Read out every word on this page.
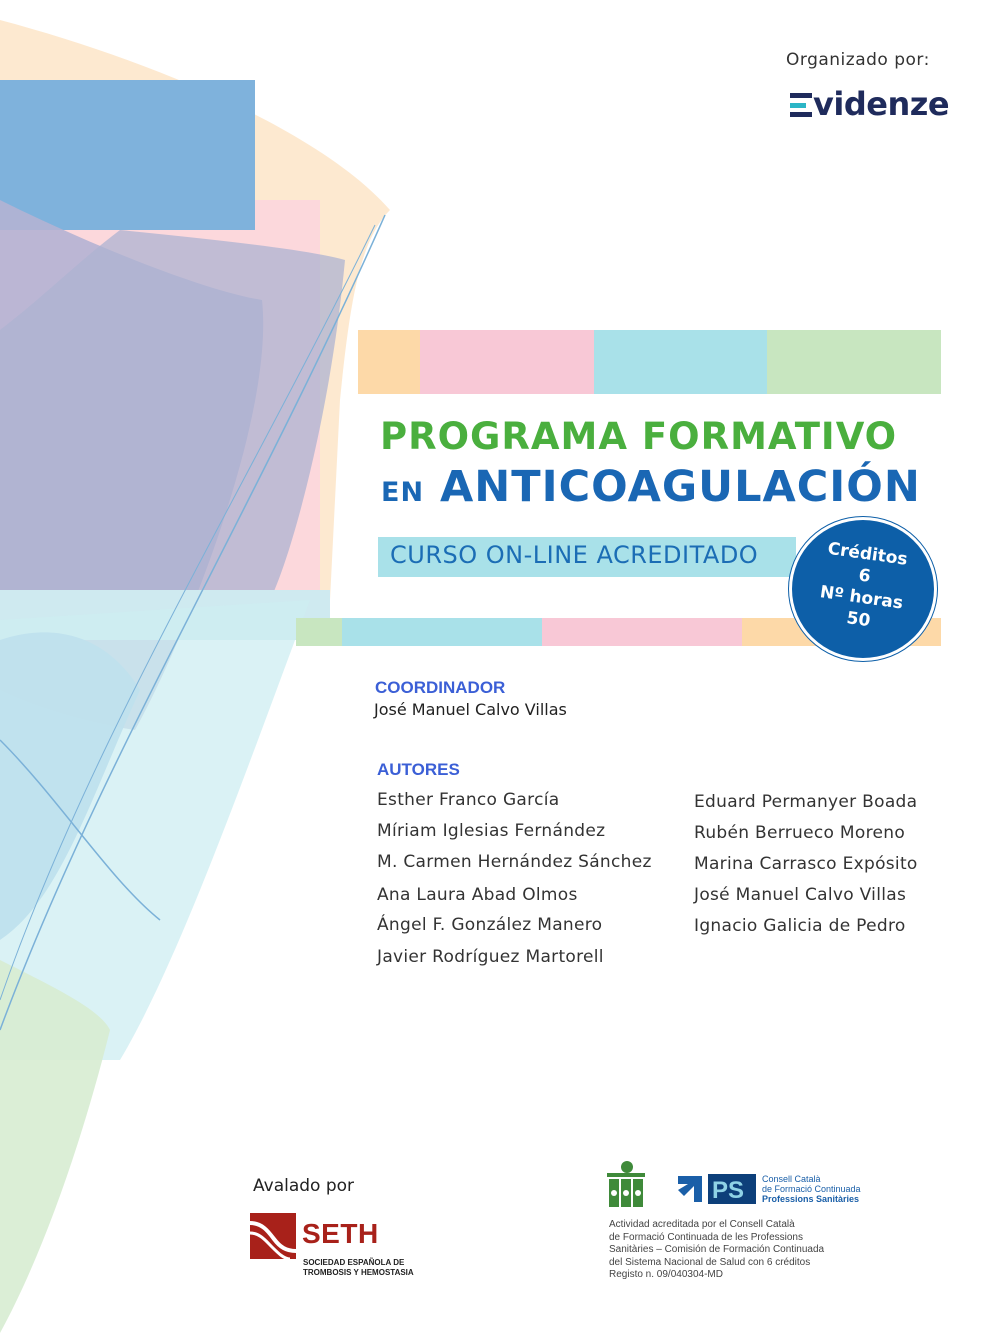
Organizado por:
videnze
PROGRAMA FORMATIVO
EN ANTICOAGULACIÓN
CURSO ON-LINE ACREDITADO	Créditos
6
Nº horas
50
COORDINADOR
José Manuel Calvo Villas
AUTORES
Esther Franco García
Míriam Iglesias Fernández
M. Carmen Hernández Sánchez
Ana Laura Abad Olmos
Ángel F. González Manero
Javier Rodríguez Martorell
Eduard Permanyer Boada
Rubén Berrueco Moreno
Marina Carrasco Expósito
José Manuel Calvo Villas
Ignacio Galicia de Pedro
Avalado por
SETH
SOCIEDAD ESPAÑOLA DE
TROMBOSIS Y HEMOSTASIA
PS Consell Català
de Formació Continuada
Professions Sanitàries
Actividad acreditada por el Consell Català
de Formació Continuada de les Professions
Sanitàries – Comisión de Formación Continuada
del Sistema Nacional de Salud con 6 créditos
Registo n. 09/040304-MD
